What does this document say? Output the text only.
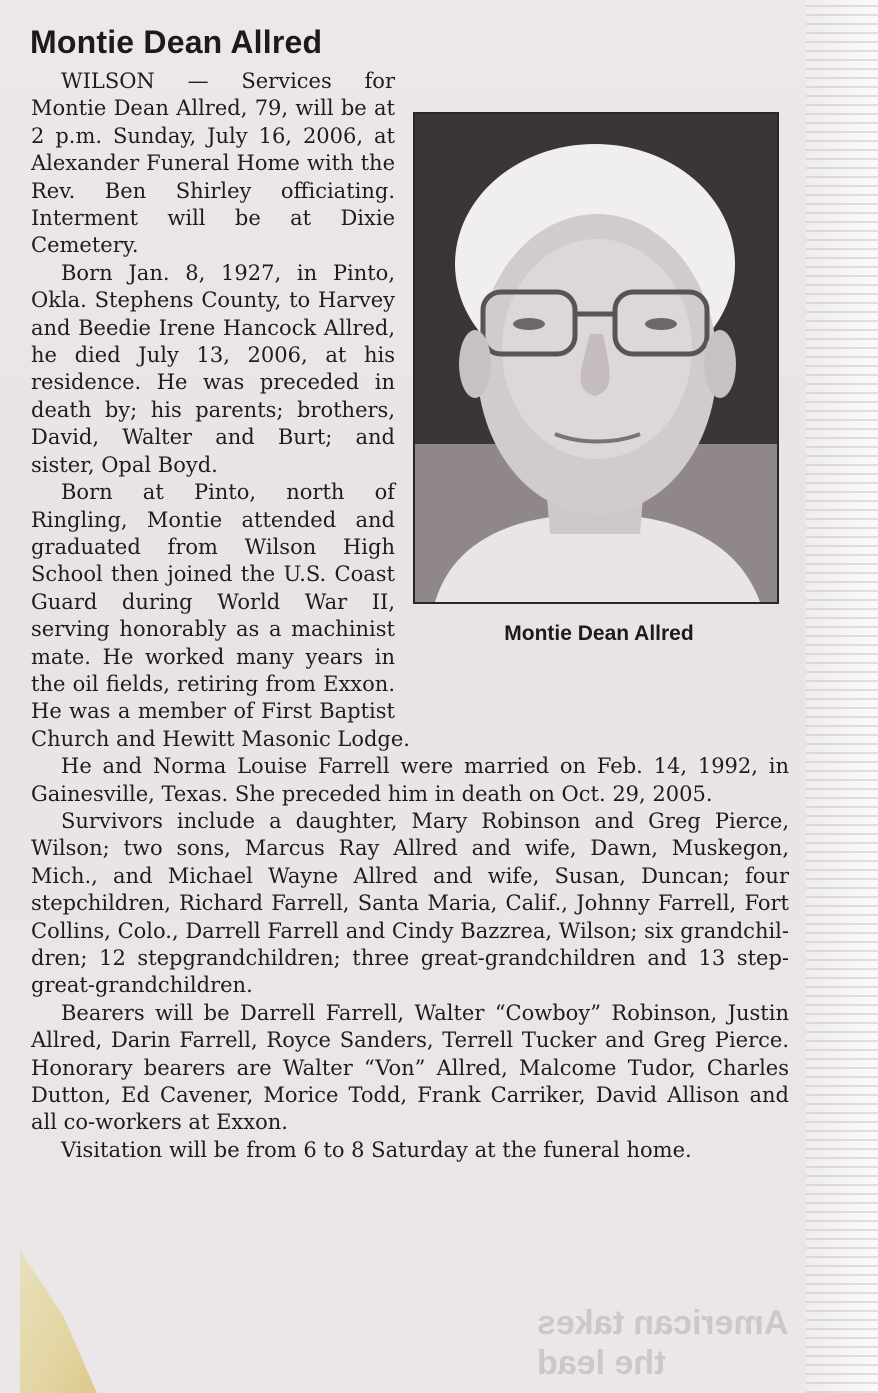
American takes
the lead
Montie Dean Allred
Montie Dean Allred

WILSON — Services for Montie Dean Allred, 79, will be at 2 p.m. Sunday, July 16, 2006, at Alexander Funeral Home with the Rev. Ben Shirley officiating. Interment will be at Dixie Cemetery.

Born Jan. 8, 1927, in Pinto, Okla. Stephens County, to Harvey and Beedie Irene Hancock Allred, he died July 13, 2006, at his residence. He was preceded in death by; his parents; brothers, David, Walter and Burt; and sister, Opal Boyd.

Born at Pinto, north of Ringling, Montie attended and graduated from Wilson High School then joined the U.S. Coast Guard during World War II, serving honorably as a machinist mate. He worked many years in the oil fields, retiring from Exxon. He was a member of First Baptist Church and Hewitt Masonic Lodge.

He and Norma Louise Farrell were married on Feb. 14, 1992, in Gainesville, Texas. She preceded him in death on Oct. 29, 2005.

Survivors include a daughter, Mary Robinson and Greg Pierce, Wilson; two sons, Marcus Ray Allred and wife, Dawn, Muskegon, Mich., and Michael Wayne Allred and wife, Susan, Duncan; four stepchildren, Richard Farrell, Santa Maria, Calif., Johnny Farrell, Fort Collins, Colo., Darrell Farrell and Cindy Bazzrea, Wilson; six grandchil-dren; 12 stepgrandchildren; three great-grandchildren and 13 step-great-grandchildren.

Bearers will be Darrell Farrell, Walter “Cowboy” Robinson, Justin Allred, Darin Farrell, Royce Sanders, Terrell Tucker and Greg Pierce. Honorary bearers are Walter “Von” Allred, Malcome Tudor, Charles Dutton, Ed Cavener, Morice Todd, Frank Carriker, David Allison and all co-workers at Exxon.

Visitation will be from 6 to 8 Saturday at the funeral home.
